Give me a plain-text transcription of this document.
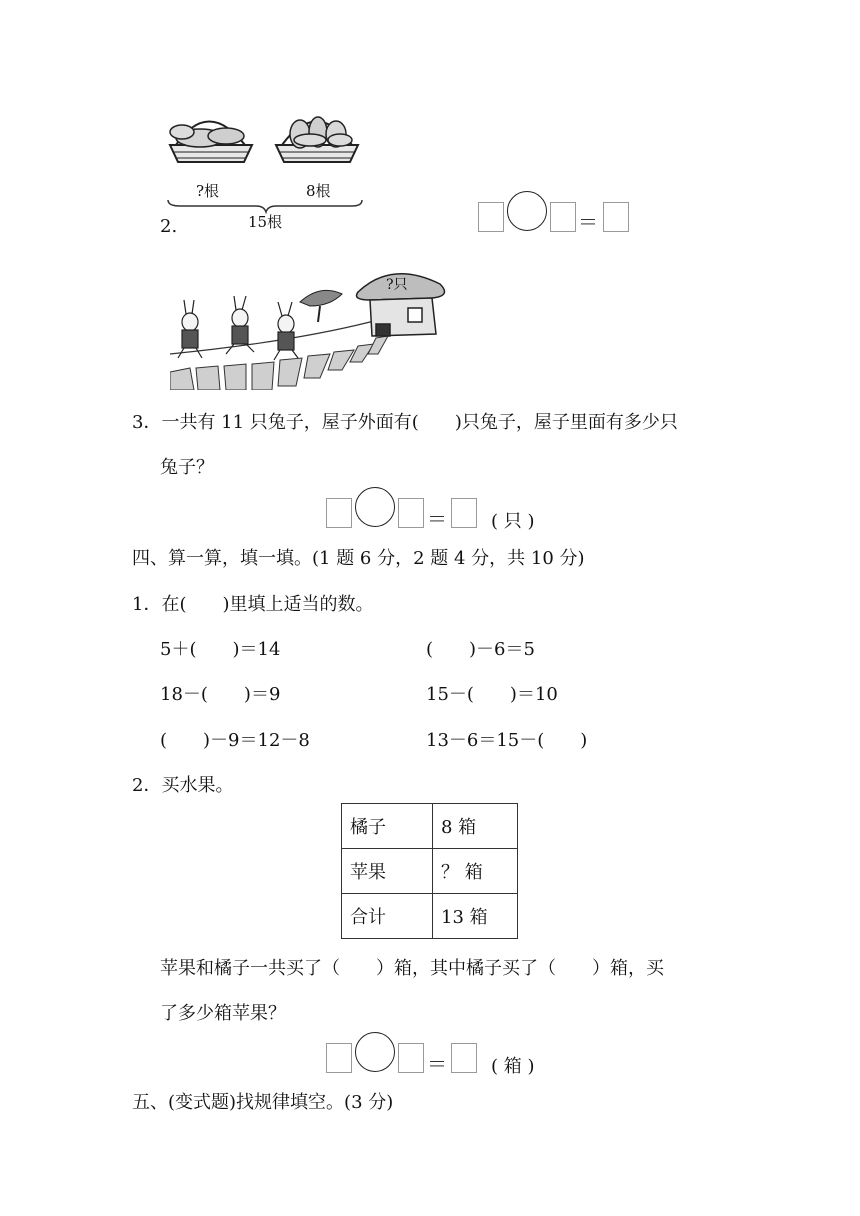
?根	8根
15根
2.	＝
?只
3．一共有 11 只兔子，屋子外面有(　　)只兔子，屋子里面有多少只
兔子？
＝ ( 只 )
四、算一算，填一填。(1 题 6 分，2 题 4 分，共 10 分)
1．在(　　)里填上适当的数。
5＋(　　)＝14	(　　)－6＝5
18－(　　)＝9	15－(　　)＝10
(　　)－9＝12－8	13－6＝15－(　　)
2．买水果。
橘子	8 箱
苹果	？ 箱
合计	13 箱
苹果和橘子一共买了（　　）箱，其中橘子买了（　　）箱，买
了多少箱苹果？
＝ ( 箱 )
五、(变式题)找规律填空。(3 分)
